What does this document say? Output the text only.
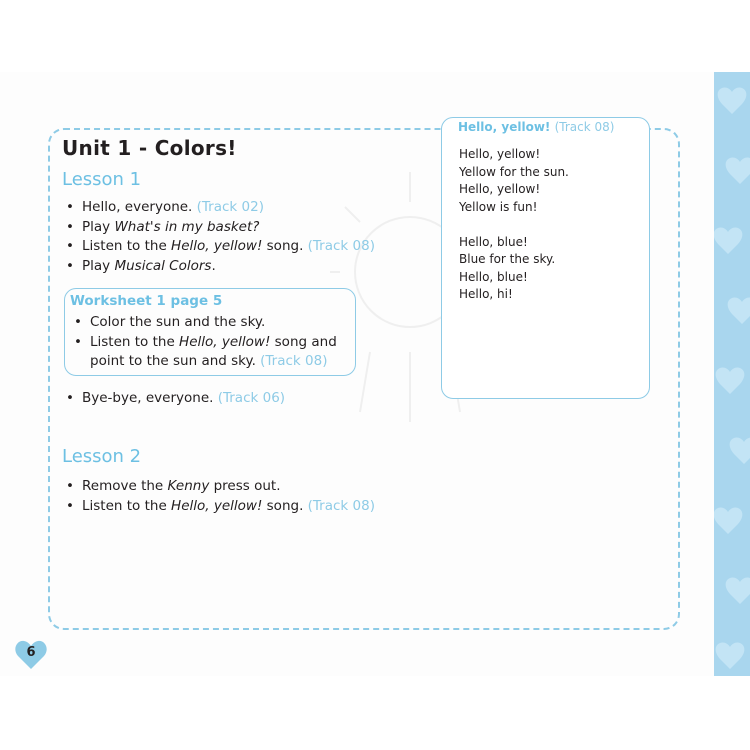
Unit 1 - Colors!
Lesson 1
• Hello, everyone. (Track 02)
• Play What's in my basket?
• Listen to the Hello, yellow! song. (Track 08)
• Play Musical Colors.

Worksheet 1 page 5

• Color the sun and the sky.
• Listen to the Hello, yellow! song and
point to the sun and sky. (Track 08)
• Bye-bye, everyone. (Track 06)
Lesson 2
• Remove the Kenny press out.
• Listen to the Hello, yellow! song. (Track 08)

Hello, yellow! (Track 08)

Hello, yellow!
Yellow for the sun.
Hello, yellow!
Yellow is fun!
Hello, blue!
Blue for the sky.
Hello, blue!
Hello, hi!
6
